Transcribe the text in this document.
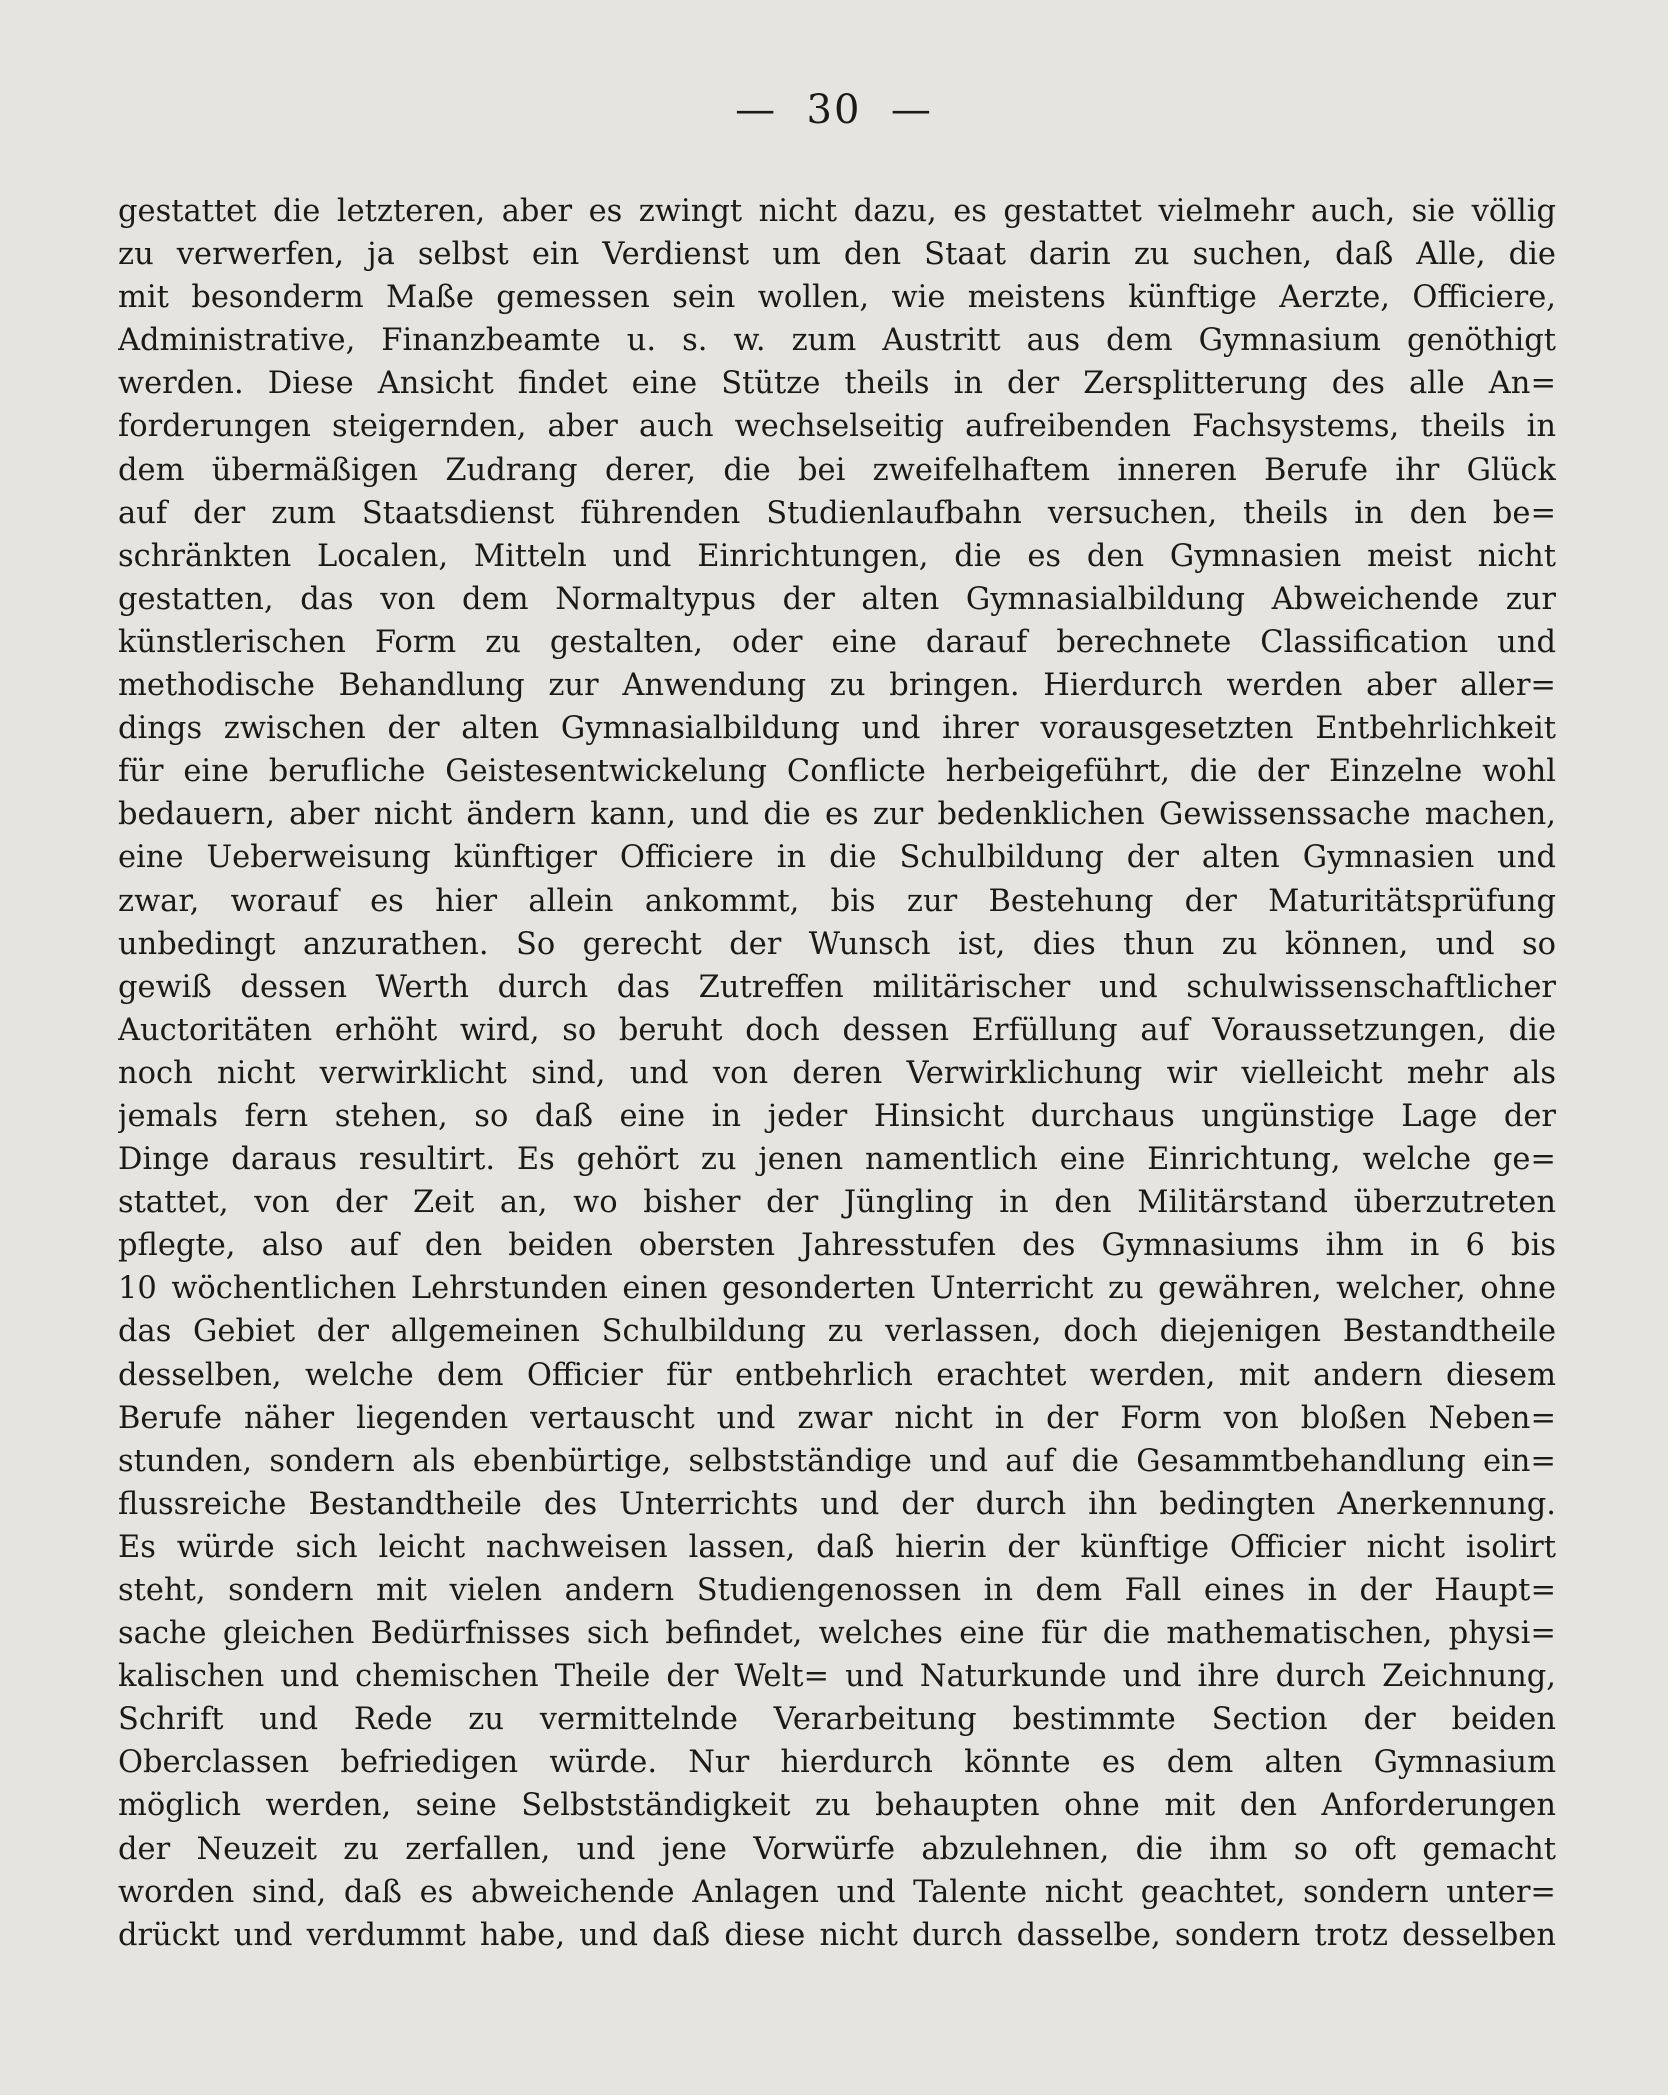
—  30  —
gestattet die letzteren, aber es zwingt nicht dazu, es gestattet vielmehr auch, sie völlig
zu verwerfen, ja selbst ein Verdienst um den Staat darin zu suchen, daß Alle, die
mit besonderm Maße gemessen sein wollen, wie meistens künftige Aerzte, Officiere,
Administrative, Finanzbeamte u. s. w. zum Austritt aus dem Gymnasium genöthigt
werden. Diese Ansicht findet eine Stütze theils in der Zersplitterung des alle An=
forderungen steigernden, aber auch wechselseitig aufreibenden Fachsystems, theils in
dem übermäßigen Zudrang derer, die bei zweifelhaftem inneren Berufe ihr Glück
auf der zum Staatsdienst führenden Studienlaufbahn versuchen, theils in den be=
schränkten Localen, Mitteln und Einrichtungen, die es den Gymnasien meist nicht
gestatten, das von dem Normaltypus der alten Gymnasialbildung Abweichende zur
künstlerischen Form zu gestalten, oder eine darauf berechnete Classification und
methodische Behandlung zur Anwendung zu bringen. Hierdurch werden aber aller=
dings zwischen der alten Gymnasialbildung und ihrer vorausgesetzten Entbehrlichkeit
für eine berufliche Geistesentwickelung Conflicte herbeigeführt, die der Einzelne wohl
bedauern, aber nicht ändern kann, und die es zur bedenklichen Gewissenssache machen,
eine Ueberweisung künftiger Officiere in die Schulbildung der alten Gymnasien und
zwar, worauf es hier allein ankommt, bis zur Bestehung der Maturitätsprüfung
unbedingt anzurathen. So gerecht der Wunsch ist, dies thun zu können, und so
gewiß dessen Werth durch das Zutreffen militärischer und schulwissenschaftlicher
Auctoritäten erhöht wird, so beruht doch dessen Erfüllung auf Voraussetzungen, die
noch nicht verwirklicht sind, und von deren Verwirklichung wir vielleicht mehr als
jemals fern stehen, so daß eine in jeder Hinsicht durchaus ungünstige Lage der
Dinge daraus resultirt. Es gehört zu jenen namentlich eine Einrichtung, welche ge=
stattet, von der Zeit an, wo bisher der Jüngling in den Militärstand überzutreten
pflegte, also auf den beiden obersten Jahresstufen des Gymnasiums ihm in 6 bis
10 wöchentlichen Lehrstunden einen gesonderten Unterricht zu gewähren, welcher, ohne
das Gebiet der allgemeinen Schulbildung zu verlassen, doch diejenigen Bestandtheile
desselben, welche dem Officier für entbehrlich erachtet werden, mit andern diesem
Berufe näher liegenden vertauscht und zwar nicht in der Form von bloßen Neben=
stunden, sondern als ebenbürtige, selbstständige und auf die Gesammtbehandlung ein=
flussreiche Bestandtheile des Unterrichts und der durch ihn bedingten Anerkennung.
Es würde sich leicht nachweisen lassen, daß hierin der künftige Officier nicht isolirt
steht, sondern mit vielen andern Studiengenossen in dem Fall eines in der Haupt=
sache gleichen Bedürfnisses sich befindet, welches eine für die mathematischen, physi=
kalischen und chemischen Theile der Welt= und Naturkunde und ihre durch Zeichnung,
Schrift und Rede zu vermittelnde Verarbeitung bestimmte Section der beiden
Oberclassen befriedigen würde. Nur hierdurch könnte es dem alten Gymnasium
möglich werden, seine Selbstständigkeit zu behaupten ohne mit den Anforderungen
der Neuzeit zu zerfallen, und jene Vorwürfe abzulehnen, die ihm so oft gemacht
worden sind, daß es abweichende Anlagen und Talente nicht geachtet, sondern unter=
drückt und verdummt habe, und daß diese nicht durch dasselbe, sondern trotz desselben
